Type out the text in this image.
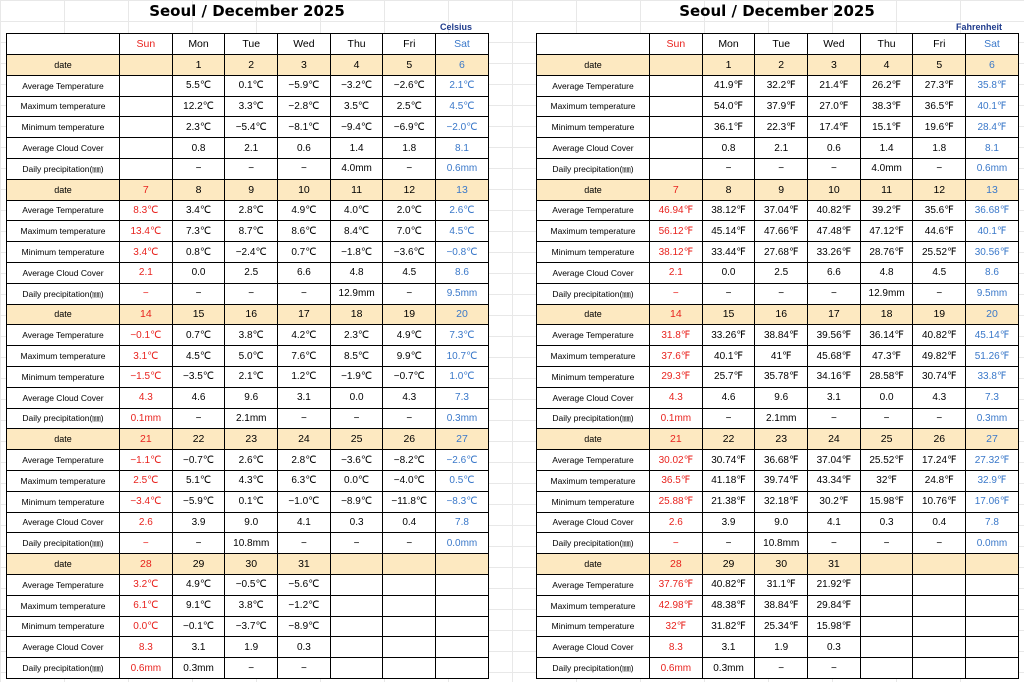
Seoul / December 2025
Celsius
	Sun	Mon	Tue	Wed	Thu	Fri	Sat
date		1	2	3	4	5	6
Average Temperature		5.5℃	0.1℃	−5.9℃	−3.2℃	−2.6℃	2.1℃
Maximum temperature		12.2℃	3.3℃	−2.8℃	3.5℃	2.5℃	4.5℃
Minimum temperature		2.3℃	−5.4℃	−8.1℃	−9.4℃	−6.9℃	−2.0℃
Average Cloud Cover		0.8	2.1	0.6	1.4	1.8	8.1
Daily precipitation(㎜)		−	−	−	4.0mm	−	0.6mm
date	7	8	9	10	11	12	13
Average Temperature	8.3℃	3.4℃	2.8℃	4.9℃	4.0℃	2.0℃	2.6℃
Maximum temperature	13.4℃	7.3℃	8.7℃	8.6℃	8.4℃	7.0℃	4.5℃
Minimum temperature	3.4℃	0.8℃	−2.4℃	0.7℃	−1.8℃	−3.6℃	−0.8℃
Average Cloud Cover	2.1	0.0	2.5	6.6	4.8	4.5	8.6
Daily precipitation(㎜)	−	−	−	−	12.9mm	−	9.5mm
date	14	15	16	17	18	19	20
Average Temperature	−0.1℃	0.7℃	3.8℃	4.2℃	2.3℃	4.9℃	7.3℃
Maximum temperature	3.1℃	4.5℃	5.0℃	7.6℃	8.5℃	9.9℃	10.7℃
Minimum temperature	−1.5℃	−3.5℃	2.1℃	1.2℃	−1.9℃	−0.7℃	1.0℃
Average Cloud Cover	4.3	4.6	9.6	3.1	0.0	4.3	7.3
Daily precipitation(㎜)	0.1mm	−	2.1mm	−	−	−	0.3mm
date	21	22	23	24	25	26	27
Average Temperature	−1.1℃	−0.7℃	2.6℃	2.8℃	−3.6℃	−8.2℃	−2.6℃
Maximum temperature	2.5℃	5.1℃	4.3℃	6.3℃	0.0℃	−4.0℃	0.5℃
Minimum temperature	−3.4℃	−5.9℃	0.1℃	−1.0℃	−8.9℃	−11.8℃	−8.3℃
Average Cloud Cover	2.6	3.9	9.0	4.1	0.3	0.4	7.8
Daily precipitation(㎜)	−	−	10.8mm	−	−	−	0.0mm
date	28	29	30	31			
Average Temperature	3.2℃	4.9℃	−0.5℃	−5.6℃			
Maximum temperature	6.1℃	9.1℃	3.8℃	−1.2℃			
Minimum temperature	0.0℃	−0.1℃	−3.7℃	−8.9℃			
Average Cloud Cover	8.3	3.1	1.9	0.3			
Daily precipitation(㎜)	0.6mm	0.3mm	−	−			
Seoul / December 2025
Fahrenheit
	Sun	Mon	Tue	Wed	Thu	Fri	Sat
date		1	2	3	4	5	6
Average Temperature		41.9℉	32.2℉	21.4℉	26.2℉	27.3℉	35.8℉
Maximum temperature		54.0℉	37.9℉	27.0℉	38.3℉	36.5℉	40.1℉
Minimum temperature		36.1℉	22.3℉	17.4℉	15.1℉	19.6℉	28.4℉
Average Cloud Cover		0.8	2.1	0.6	1.4	1.8	8.1
Daily precipitation(㎜)		−	−	−	4.0mm	−	0.6mm
date	7	8	9	10	11	12	13
Average Temperature	46.94℉	38.12℉	37.04℉	40.82℉	39.2℉	35.6℉	36.68℉
Maximum temperature	56.12℉	45.14℉	47.66℉	47.48℉	47.12℉	44.6℉	40.1℉
Minimum temperature	38.12℉	33.44℉	27.68℉	33.26℉	28.76℉	25.52℉	30.56℉
Average Cloud Cover	2.1	0.0	2.5	6.6	4.8	4.5	8.6
Daily precipitation(㎜)	−	−	−	−	12.9mm	−	9.5mm
date	14	15	16	17	18	19	20
Average Temperature	31.8℉	33.26℉	38.84℉	39.56℉	36.14℉	40.82℉	45.14℉
Maximum temperature	37.6℉	40.1℉	41℉	45.68℉	47.3℉	49.82℉	51.26℉
Minimum temperature	29.3℉	25.7℉	35.78℉	34.16℉	28.58℉	30.74℉	33.8℉
Average Cloud Cover	4.3	4.6	9.6	3.1	0.0	4.3	7.3
Daily precipitation(㎜)	0.1mm	−	2.1mm	−	−	−	0.3mm
date	21	22	23	24	25	26	27
Average Temperature	30.02℉	30.74℉	36.68℉	37.04℉	25.52℉	17.24℉	27.32℉
Maximum temperature	36.5℉	41.18℉	39.74℉	43.34℉	32℉	24.8℉	32.9℉
Minimum temperature	25.88℉	21.38℉	32.18℉	30.2℉	15.98℉	10.76℉	17.06℉
Average Cloud Cover	2.6	3.9	9.0	4.1	0.3	0.4	7.8
Daily precipitation(㎜)	−	−	10.8mm	−	−	−	0.0mm
date	28	29	30	31			
Average Temperature	37.76℉	40.82℉	31.1℉	21.92℉			
Maximum temperature	42.98℉	48.38℉	38.84℉	29.84℉			
Minimum temperature	32℉	31.82℉	25.34℉	15.98℉			
Average Cloud Cover	8.3	3.1	1.9	0.3			
Daily precipitation(㎜)	0.6mm	0.3mm	−	−			
